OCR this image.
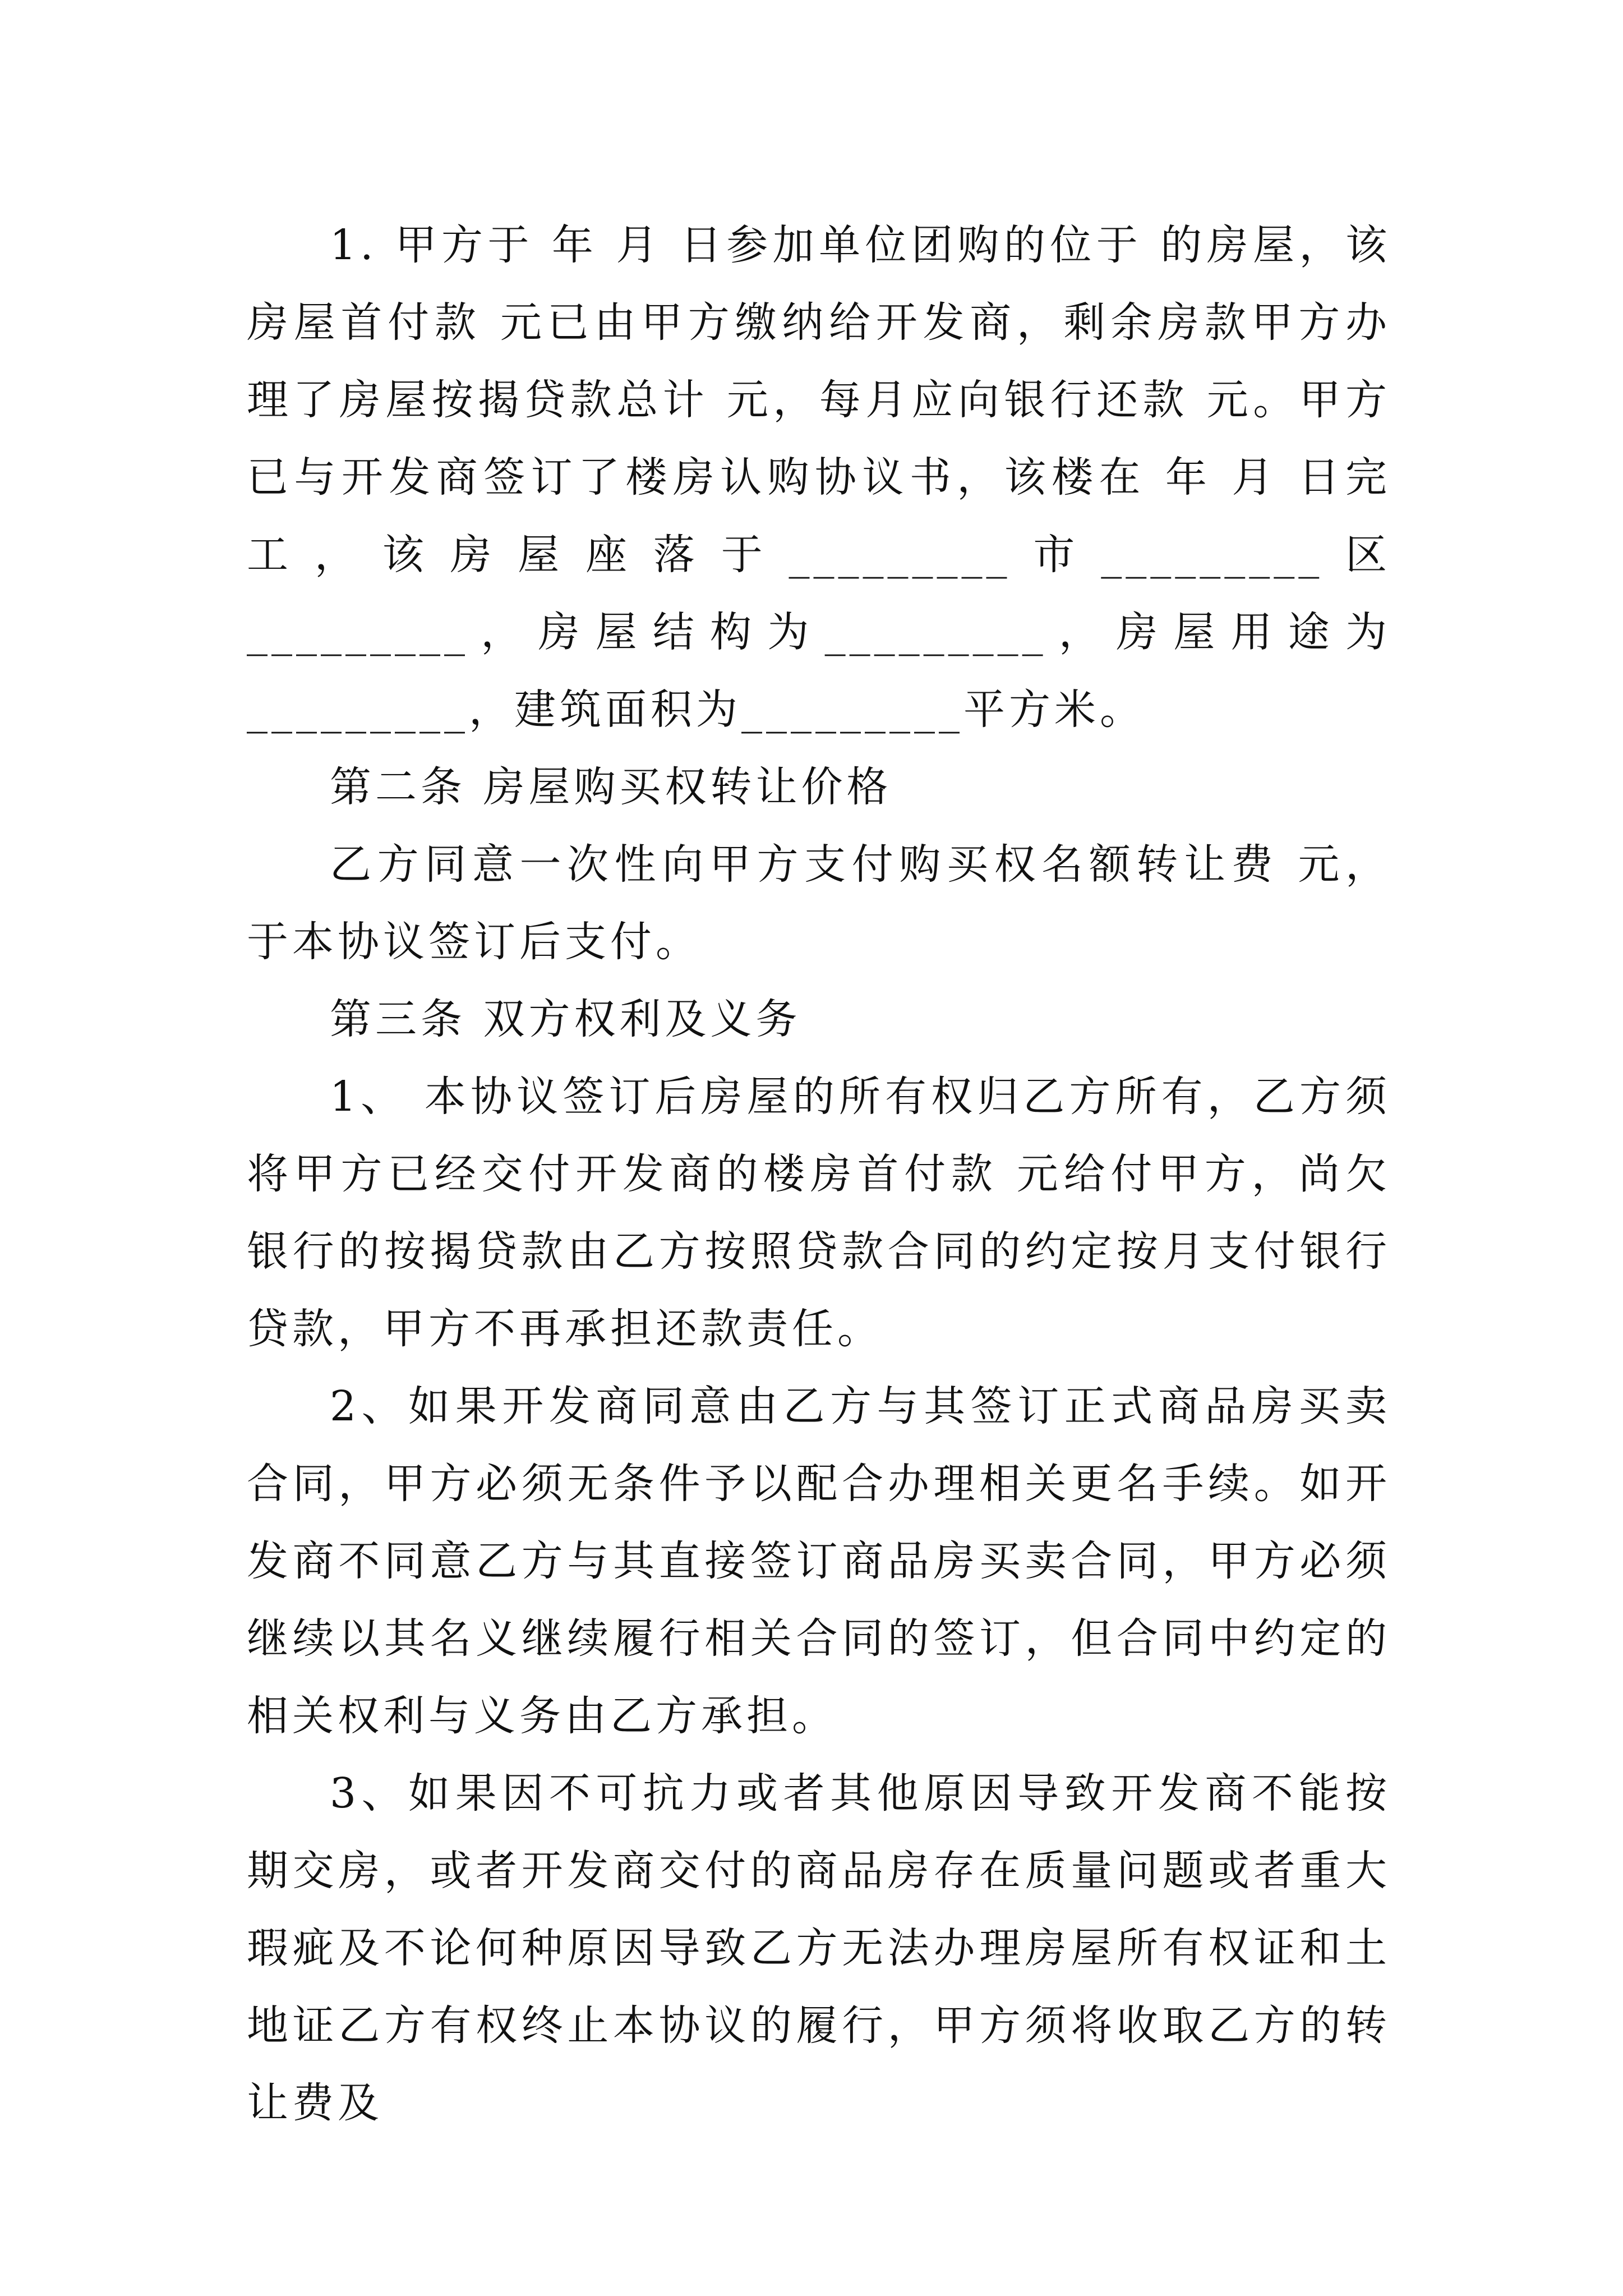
1. 甲方于 年 月 日参加单位团购的位于 的房屋，该房屋首付款 元已由甲方缴纳给开发商，剩余房款甲方办理了房屋按揭贷款总计 元，每月应向银行还款 元。甲方已与开发商签订了楼房认购协议书，该楼在 年 月 日完工，该房屋座落于_________市_________区_________，房屋结构为_________，房屋用途为_________，建筑面积为_________平方米。

第二条 房屋购买权转让价格

乙方同意一次性向甲方支付购买权名额转让费 元，于本协议签订后支付。

第三条 双方权利及义务

1、 本协议签订后房屋的所有权归乙方所有，乙方须将甲方已经交付开发商的楼房首付款 元给付甲方，尚欠银行的按揭贷款由乙方按照贷款合同的约定按月支付银行贷款，甲方不再承担还款责任。

2、如果开发商同意由乙方与其签订正式商品房买卖合同，甲方必须无条件予以配合办理相关更名手续。如开发商不同意乙方与其直接签订商品房买卖合同，甲方必须继续以其名义继续履行相关合同的签订，但合同中约定的相关权利与义务由乙方承担。

3、如果因不可抗力或者其他原因导致开发商不能按期交房，或者开发商交付的商品房存在质量问题或者重大瑕疵及不论何种原因导致乙方无法办理房屋所有权证和土地证乙方有权终止本协议的履行，甲方须将收取乙方的转让费及
